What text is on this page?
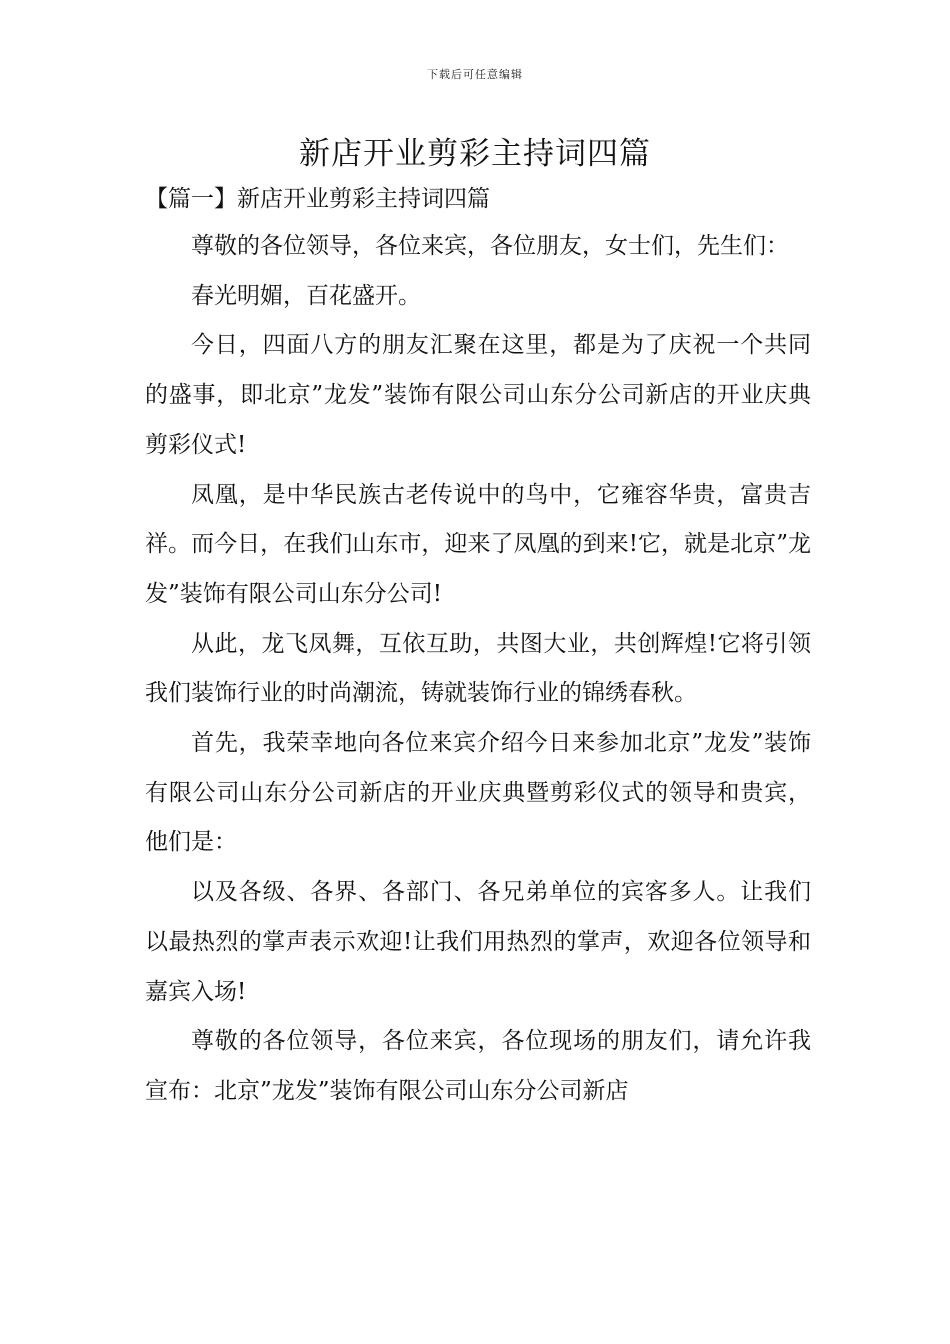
下载后可任意编辑
新店开业剪彩主持词四篇
【篇一】新店开业剪彩主持词四篇

尊敬的各位领导，各位来宾，各位朋友，女士们，先生们：

春光明媚，百花盛开。

今日，四面八方的朋友汇聚在这里，都是为了庆祝一个共同的盛事，即北京”龙发”装饰有限公司山东分公司新店的开业庆典剪彩仪式!

凤凰，是中华民族古老传说中的鸟中，它雍容华贵，富贵吉祥。而今日，在我们山东市，迎来了凤凰的到来!它，就是北京”龙发”装饰有限公司山东分公司!

从此，龙飞凤舞，互依互助，共图大业，共创辉煌!它将引领我们装饰行业的时尚潮流，铸就装饰行业的锦绣春秋。

首先，我荣幸地向各位来宾介绍今日来参加北京”龙发”装饰有限公司山东分公司新店的开业庆典暨剪彩仪式的领导和贵宾，他们是：

以及各级、各界、各部门、各兄弟单位的宾客多人。让我们以最热烈的掌声表示欢迎!让我们用热烈的掌声，欢迎各位领导和嘉宾入场!

尊敬的各位领导，各位来宾，各位现场的朋友们，请允许我宣布：北京”龙发”装饰有限公司山东分公司新店
